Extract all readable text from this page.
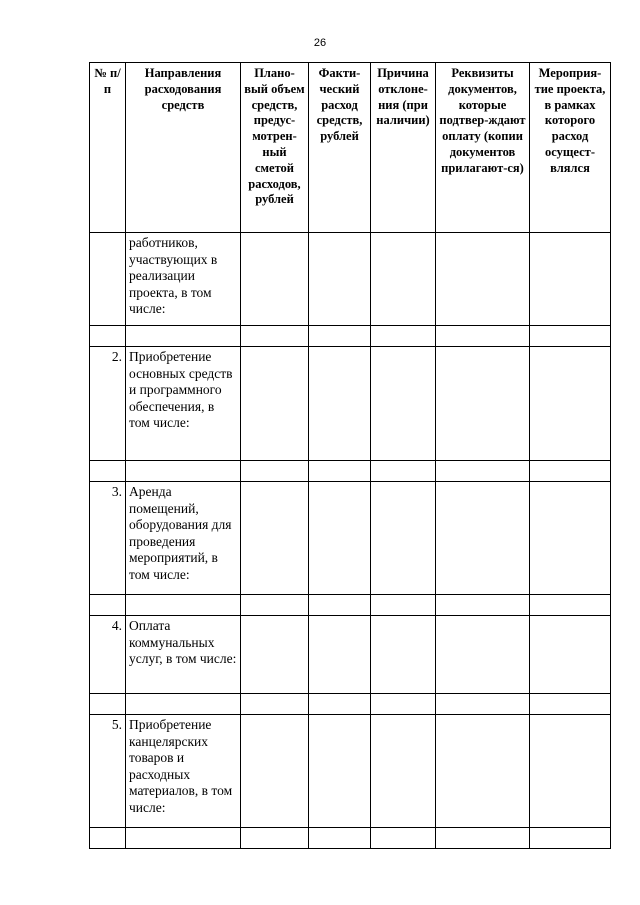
26
№ п/п	Направления расходования средств	Плано-вый объем средств, предус-мотрен-ный сметой расходов, рублей	Факти-ческий расход средств, рублей	Причина отклоне-ния (при наличии)	Реквизиты документов, которые подтвер-ждают оплату (копии документов прилагают-ся)	Мероприя-тие проекта, в рамках которого расход осущест-влялся
	работников, участвующих в реализации проекта, в том числе:					

2.	Приобретение основных средств и программного обеспечения, в том числе:					

3.	Аренда помещений, оборудования для проведения мероприятий, в том числе:					

4.	Оплата коммунальных услуг, в том числе:					

5.	Приобретение канцелярских товаров и расходных материалов, в том числе:					
